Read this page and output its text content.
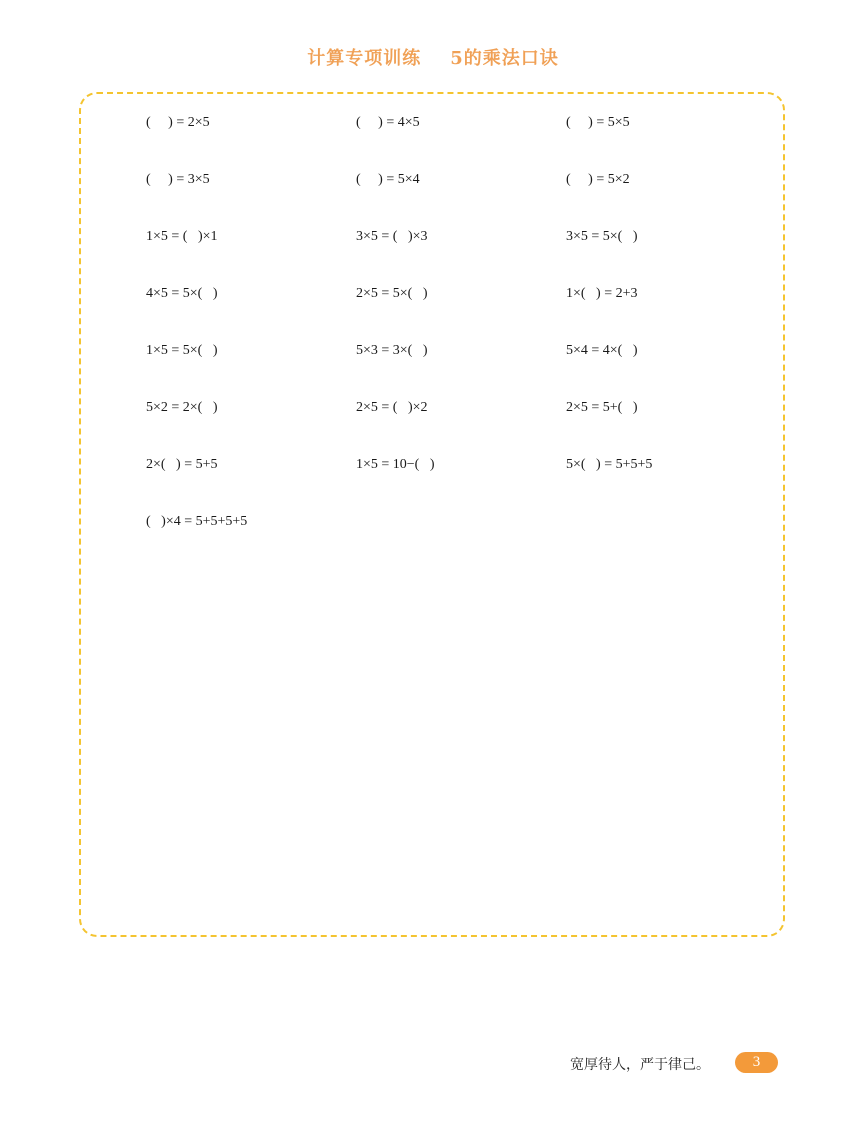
计算专项训练    5的乘法口诀
(     ) = 2×5	(     ) = 4×5	(     ) = 5×5
(     ) = 3×5	(     ) = 5×4	(     ) = 5×2
1×5 = (   )×1	3×5 = (   )×3	3×5 = 5×(   )
4×5 = 5×(   )	2×5 = 5×(   )	1×(   ) = 2+3
1×5 = 5×(   )	5×3 = 3×(   )	5×4 = 4×(   )
5×2 = 2×(   )	2×5 = (   )×2	2×5 = 5+(   )
2×(   ) = 5+5	1×5 = 10−(   )	5×(   ) = 5+5+5
(   )×4 = 5+5+5+5
宽厚待人，严于律己。	3
